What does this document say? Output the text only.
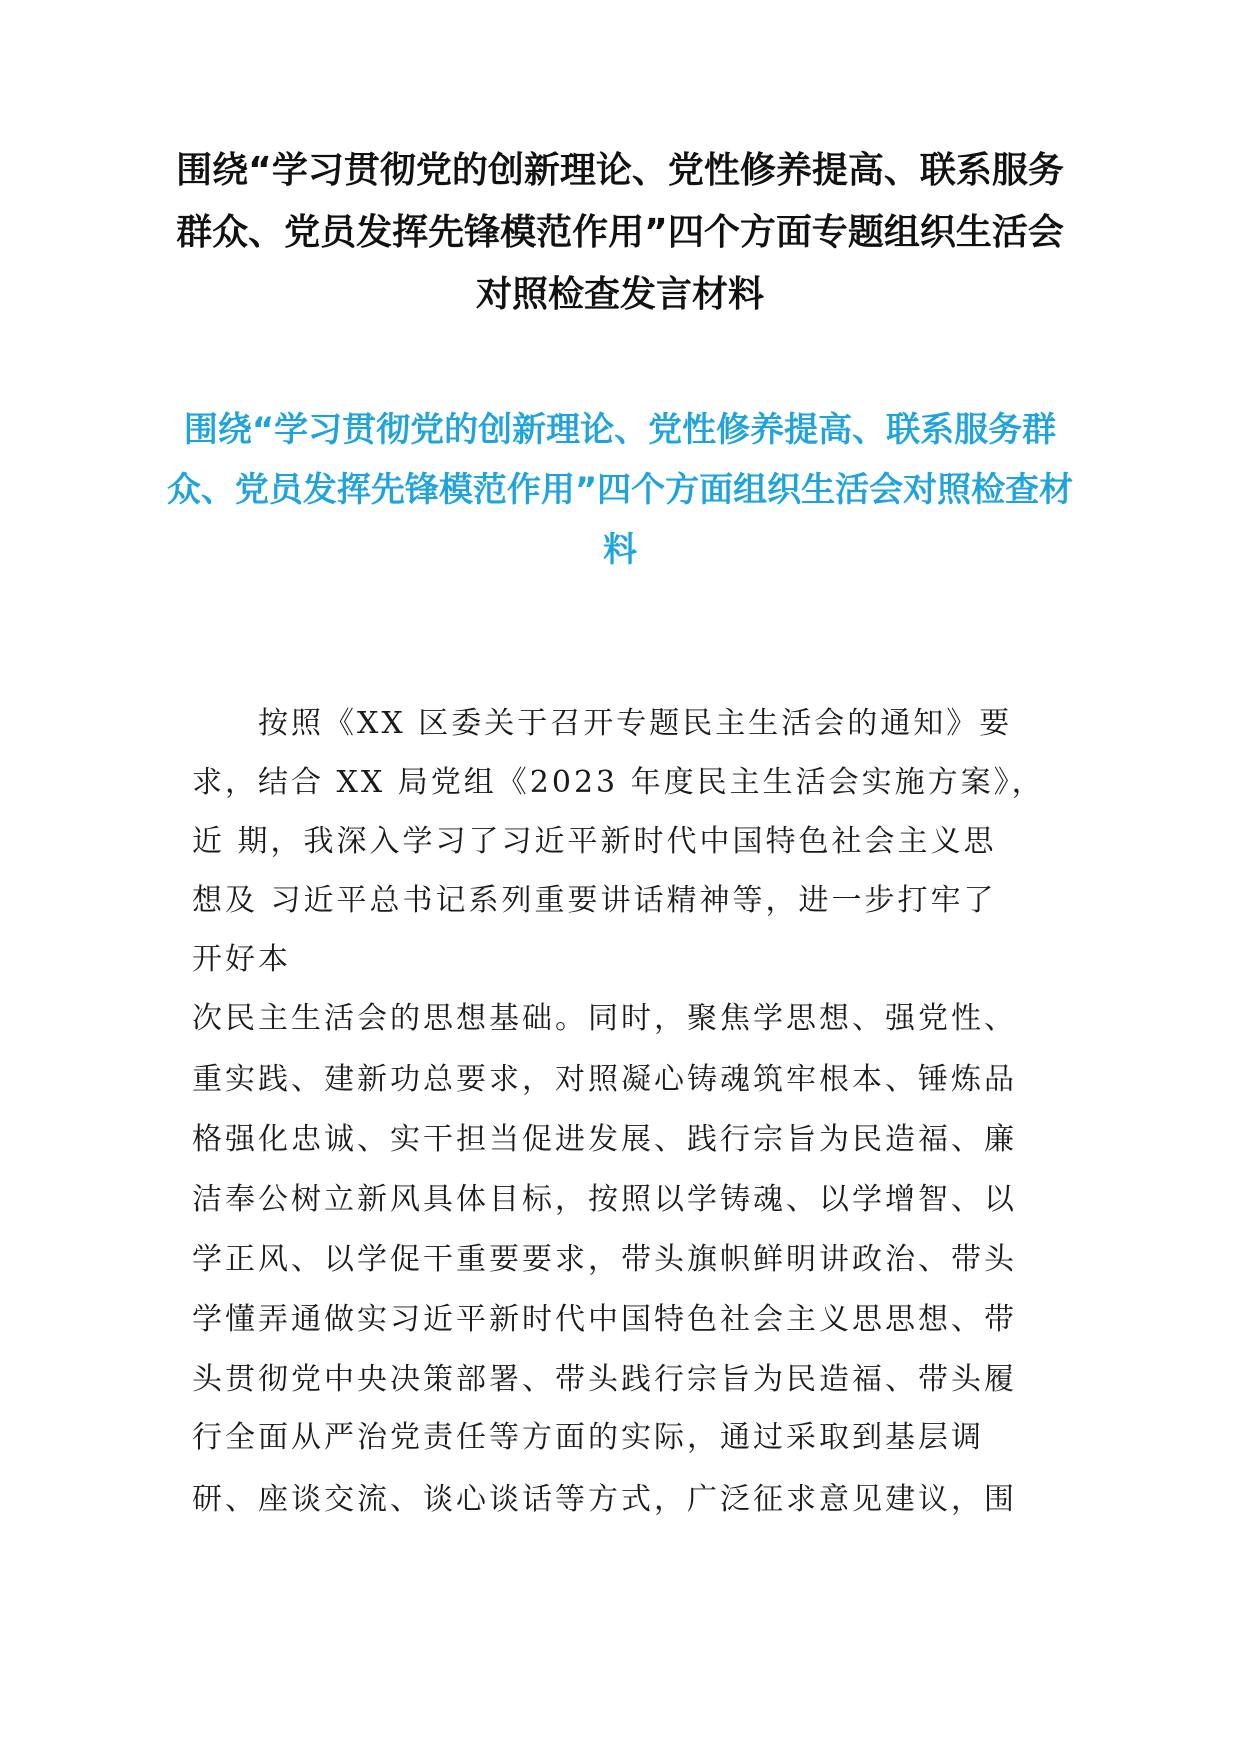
围绕“学习贯彻党的创新理论、党性修养提高、联系服务群众、党员发挥先锋模范作用”四个方面专题组织生活会对照检查发言材料
围绕“学习贯彻党的创新理论、党性修养提高、联系服务群众、党员发挥先锋模范作用”四个方面组织生活会对照检查材料
按照《XX 区委关于召开专题民主生活会的通知》要
求，结合 XX 局党组《2023 年度民主生活会实施方案》，
近 期，我深入学习了习近平新时代中国特色社会主义思
想及 习近平总书记系列重要讲话精神等，进一步打牢了
开好本
次民主生活会的思想基础。同时，聚焦学思想、强党性、
重实践、建新功总要求，对照凝心铸魂筑牢根本、锤炼品
格强化忠诚、实干担当促进发展、践行宗旨为民造福、廉
洁奉公树立新风具体目标，按照以学铸魂、以学增智、以
学正风、以学促干重要要求，带头旗帜鲜明讲政治、带头
学懂弄通做实习近平新时代中国特色社会主义思思想、带
头贯彻党中央决策部署、带头践行宗旨为民造福、带头履
行全面从严治党责任等方面的实际，通过采取到基层调
研、座谈交流、谈心谈话等方式，广泛征求意见建议，围
